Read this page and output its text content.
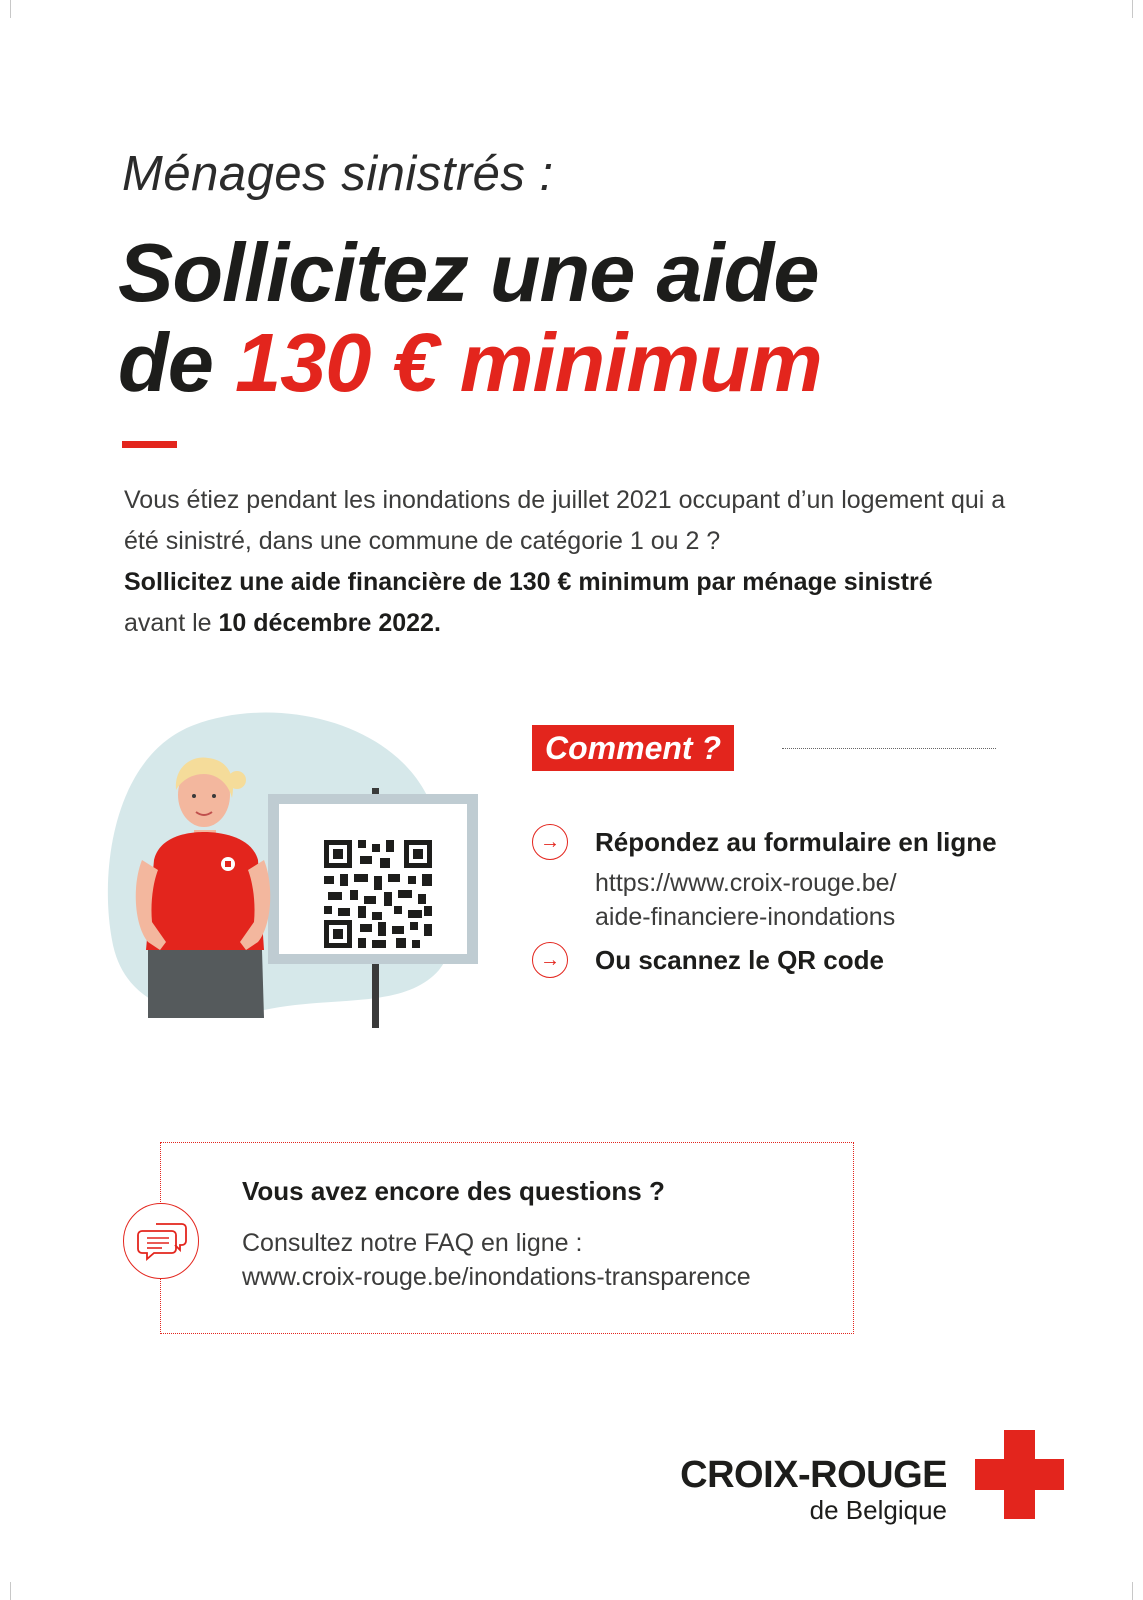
Ménages sinistrés :

Sollicitez une aide
de 130 € minimum
Vous étiez pendant les inondations de juillet 2021 occupant d’un logement qui a été sinistré, dans une commune de catégorie 1 ou 2 ?
Sollicitez une aide financière de 130 € minimum par ménage sinistré
avant le 10 décembre 2022.
Comment ?
→	Répondez au formulaire en ligne
https://www.croix-rouge.be/
aide-financiere-inondations
→	Ou scannez le QR code
Vous avez encore des questions ?
Consultez notre FAQ en ligne :
www.croix-rouge.be/inondations-transparence
CROIX-ROUGE
de Belgique
